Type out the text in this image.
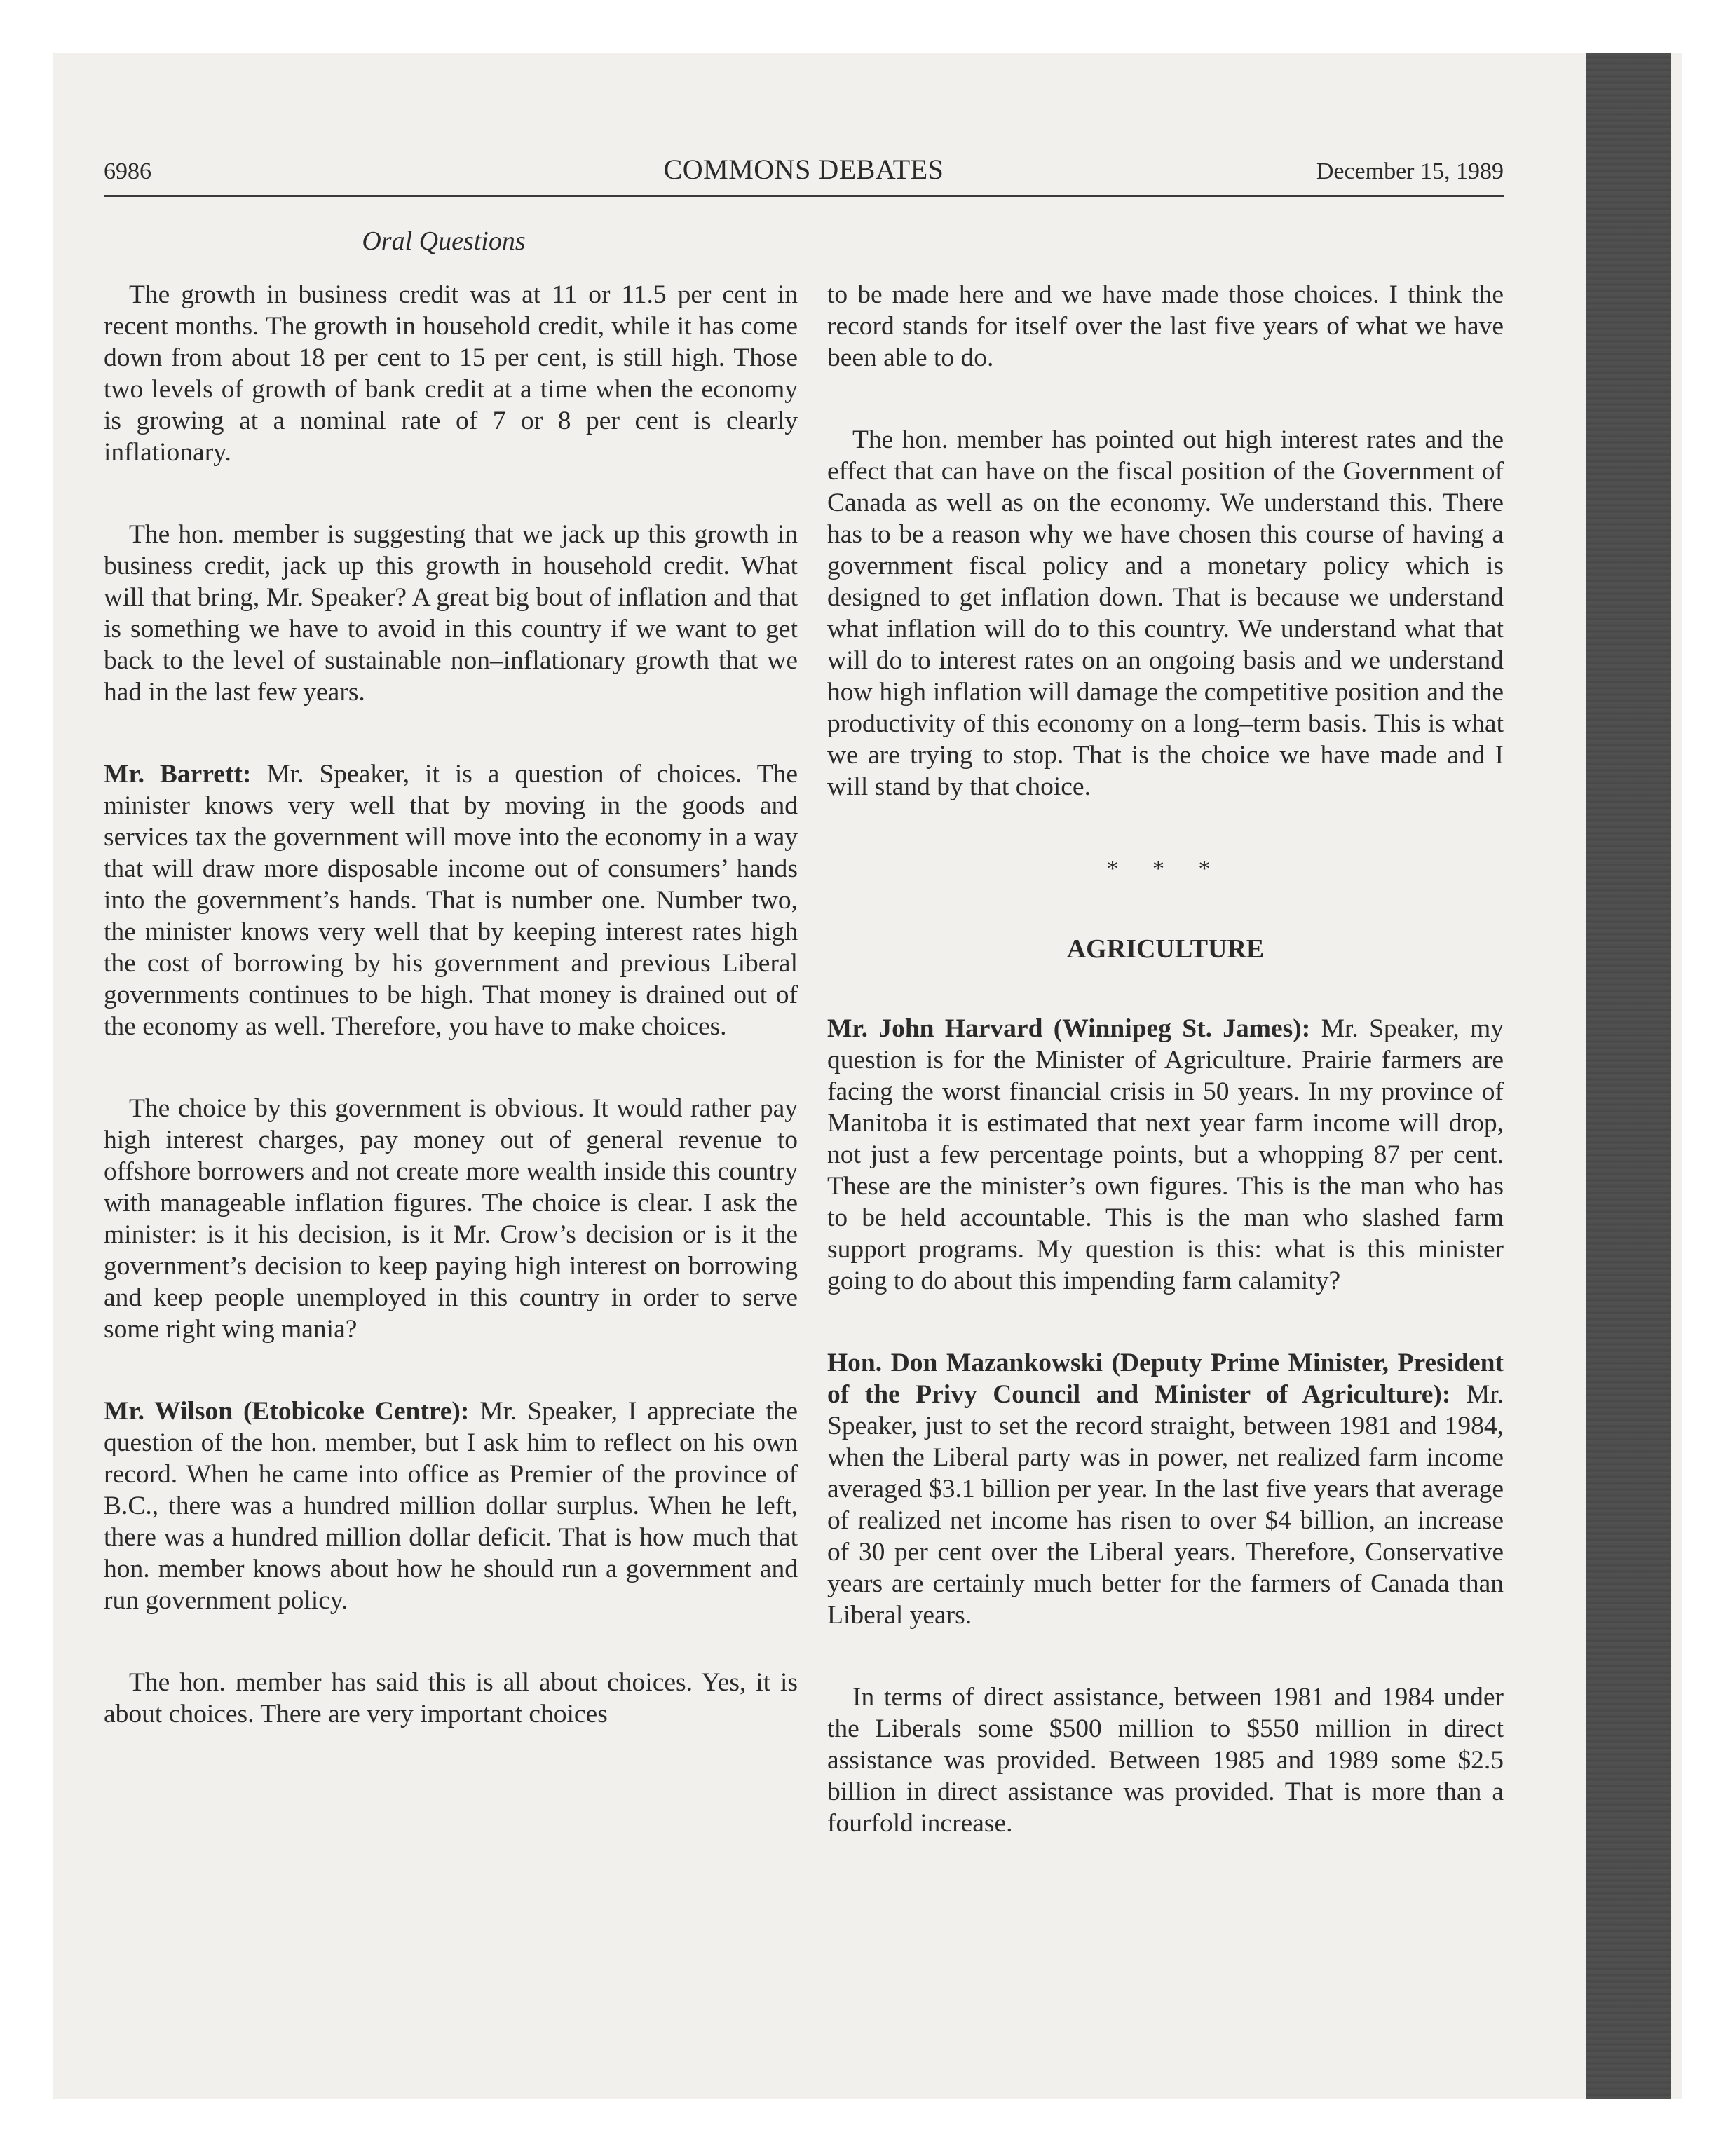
6986	COMMONS DEBATES	December 15, 1989
Oral Questions

The growth in business credit was at 11 or 11.5 per cent in recent months. The growth in household credit, while it has come down from about 18 per cent to 15 per cent, is still high. Those two levels of growth of bank credit at a time when the economy is growing at a nominal rate of 7 or 8 per cent is clearly inflationary.

The hon. member is suggesting that we jack up this growth in business credit, jack up this growth in household credit. What will that bring, Mr. Speaker? A great big bout of inflation and that is something we have to avoid in this country if we want to get back to the level of sustainable non–inflationary growth that we had in the last few years.

Mr. Barrett: Mr. Speaker, it is a question of choices. The minister knows very well that by moving in the goods and services tax the government will move into the economy in a way that will draw more disposable income out of consumers’ hands into the government’s hands. That is number one. Number two, the minister knows very well that by keeping interest rates high the cost of borrowing by his government and previous Liberal governments continues to be high. That money is drained out of the economy as well. Therefore, you have to make choices.

The choice by this government is obvious. It would rather pay high interest charges, pay money out of general revenue to offshore borrowers and not create more wealth inside this country with manageable inflation figures. The choice is clear. I ask the minister: is it his decision, is it Mr. Crow’s decision or is it the government’s decision to keep paying high interest on borrowing and keep people unemployed in this country in order to serve some right wing mania?

Mr. Wilson (Etobicoke Centre): Mr. Speaker, I appreciate the question of the hon. member, but I ask him to reflect on his own record. When he came into office as Premier of the province of B.C., there was a hundred million dollar surplus. When he left, there was a hundred million dollar deficit. That is how much that hon. member knows about how he should run a government and run government policy.

The hon. member has said this is all about choices. Yes, it is about choices. There are very important choices

to be made here and we have made those choices. I think the record stands for itself over the last five years of what we have been able to do.

The hon. member has pointed out high interest rates and the effect that can have on the fiscal position of the Government of Canada as well as on the economy. We understand this. There has to be a reason why we have chosen this course of having a government fiscal policy and a monetary policy which is designed to get inflation down. That is because we understand what inflation will do to this country. We understand what that will do to interest rates on an ongoing basis and we understand how high inflation will damage the competitive position and the productivity of this economy on a long–term basis. This is what we are trying to stop. That is the choice we have made and I will stand by that choice.

* * *
AGRICULTURE

Mr. John Harvard (Winnipeg St. James): Mr. Speaker, my question is for the Minister of Agriculture. Prairie farmers are facing the worst financial crisis in 50 years. In my province of Manitoba it is estimated that next year farm income will drop, not just a few percentage points, but a whopping 87 per cent. These are the minister’s own figures. This is the man who has to be held accountable. This is the man who slashed farm support programs. My question is this: what is this minister going to do about this impending farm calamity?

Hon. Don Mazankowski (Deputy Prime Minister, President of the Privy Council and Minister of Agriculture): Mr. Speaker, just to set the record straight, between 1981 and 1984, when the Liberal party was in power, net realized farm income averaged $3.1 billion per year. In the last five years that average of realized net income has risen to over $4 billion, an increase of 30 per cent over the Liberal years. Therefore, Conservative years are certainly much better for the farmers of Canada than Liberal years.

In terms of direct assistance, between 1981 and 1984 under the Liberals some $500 million to $550 million in direct assistance was provided. Between 1985 and 1989 some $2.5 billion in direct assistance was provided. That is more than a fourfold increase.
